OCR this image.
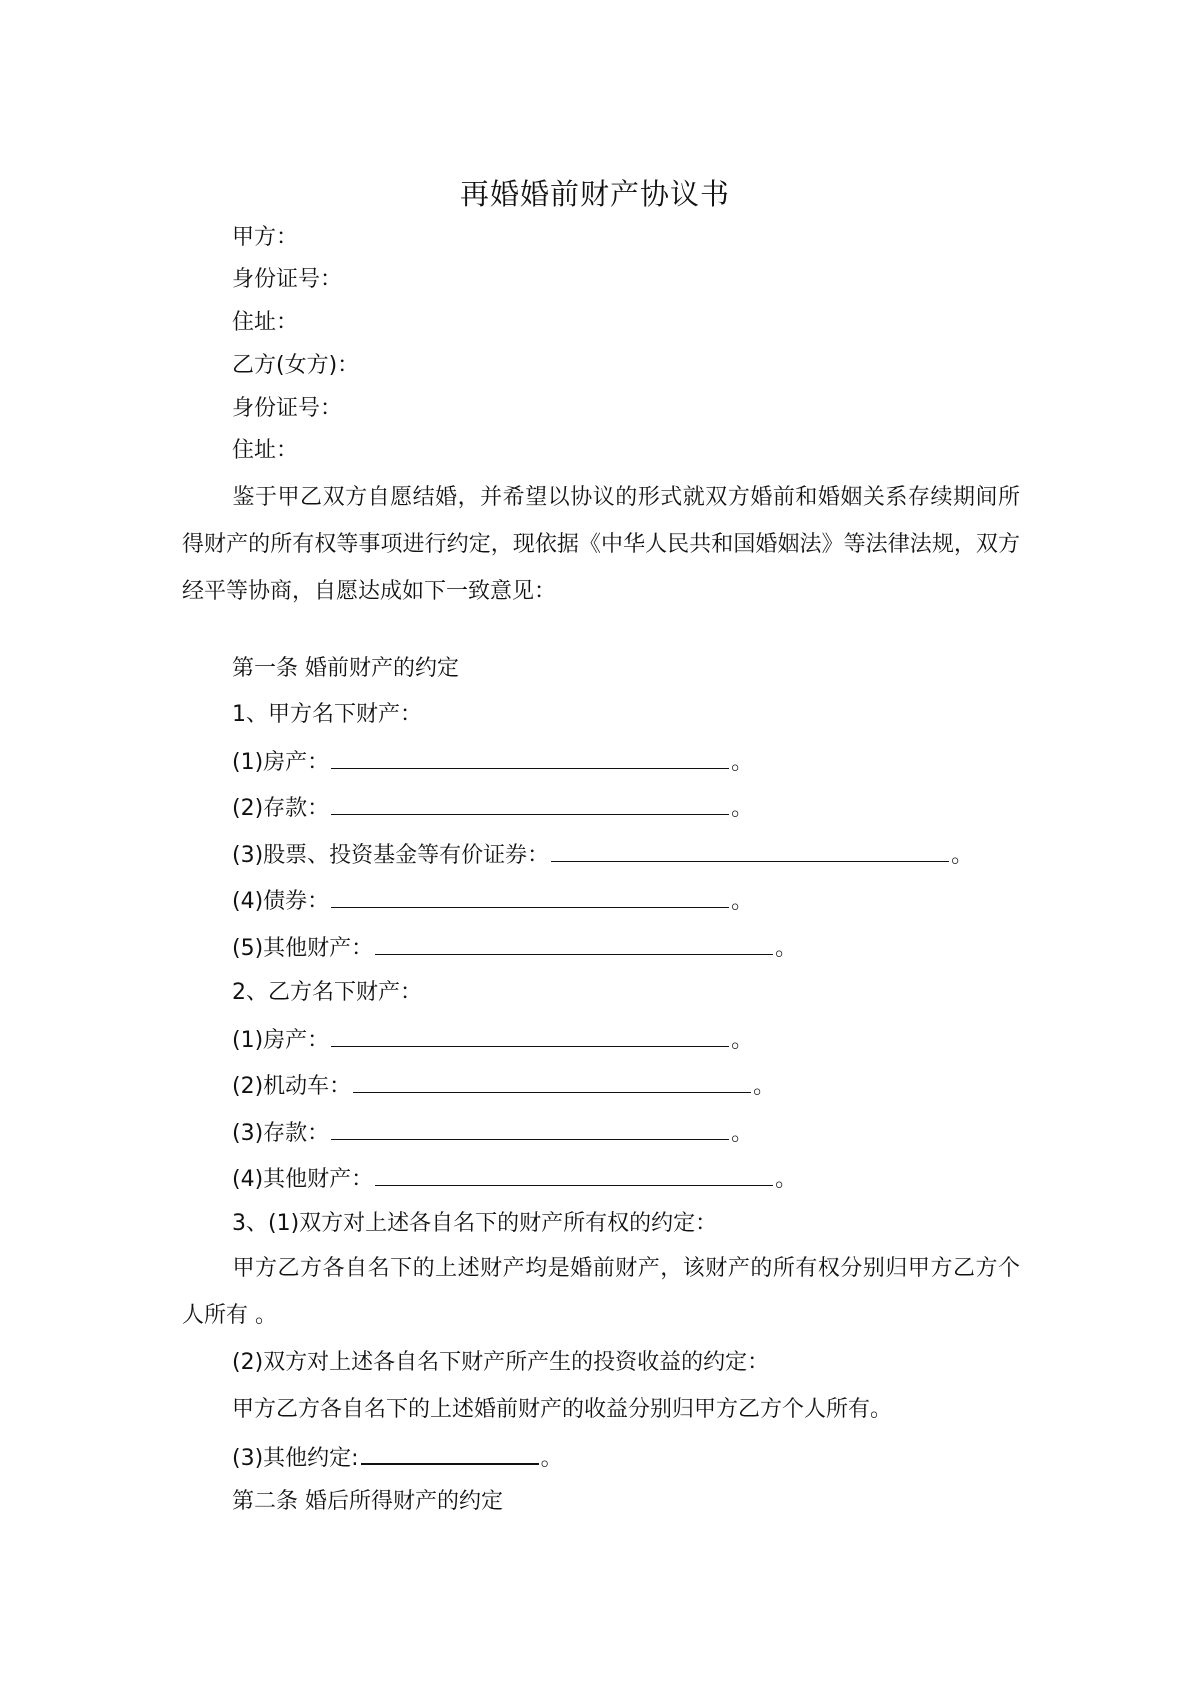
再婚婚前财产协议书
甲方：
身份证号：
住址：
乙方(女方)：
身份证号：
住址：
鉴于甲乙双方自愿结婚，并希望以协议的形式就双方婚前和婚姻关系存续期间所得财产的所有权等事项进行约定，现依据《中华人民共和国婚姻法》等法律法规，双方经平等协商，自愿达成如下一致意见：
第一条 婚前财产的约定
1、甲方名下财产：
(1)房产：	。
(2)存款：	。
(3)股票、投资基金等有价证券：	。
(4)债券：	。
(5)其他财产：	。
2、乙方名下财产：
(1)房产：	。
(2)机动车：	。
(3)存款：	。
(4)其他财产：	。
3、(1)双方对上述各自名下的财产所有权的约定：
甲方乙方各自名下的上述财产均是婚前财产，该财产的所有权分别归甲方乙方个人所有 。
(2)双方对上述各自名下财产所产生的投资收益的约定：
甲方乙方各自名下的上述婚前财产的收益分别归甲方乙方个人所有。
(3)其他约定:	。
第二条 婚后所得财产的约定
